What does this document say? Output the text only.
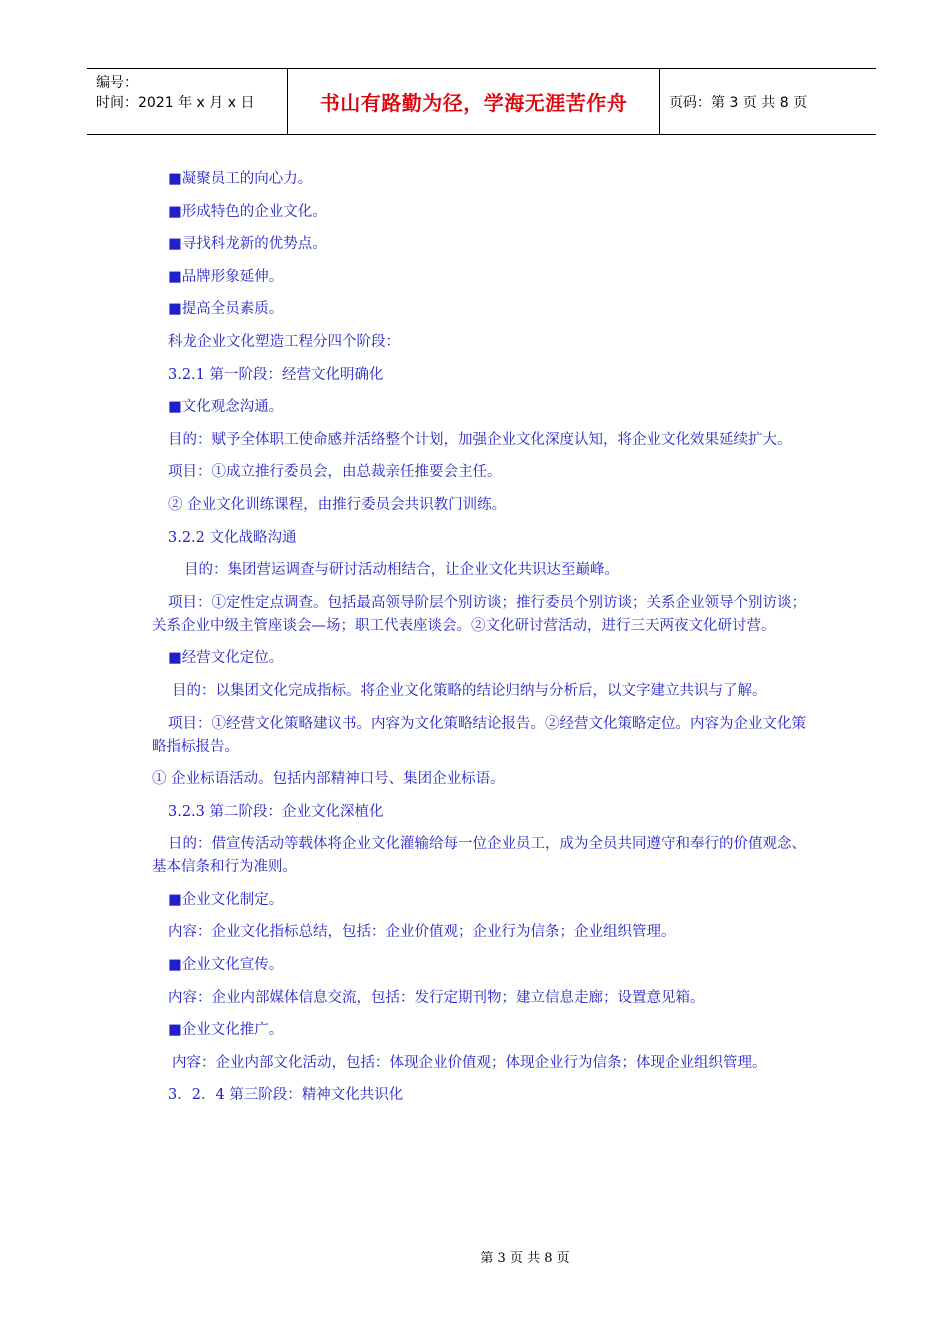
编号：
时间：2021 年 x 月 x 日	书山有路勤为径，学海无涯苦作舟	页码：第 3 页 共 8 页

■凝聚员工的向心力。

■形成特色的企业文化。

■寻找科龙新的优势点。

■品牌形象延伸。

■提高全员素质。

科龙企业文化塑造工程分四个阶段：

3.2.1 第一阶段：经营文化明确化

■文化观念沟通。

目的：赋予全体职工使命感并活络整个计划，加强企业文化深度认知，将企业文化效果延续扩大。

项目：①成立推行委员会，由总裁亲任推要会主任。

② 企业文化训练课程，由推行委员会共识教门训练。

3.2.2 文化战略沟通

目的：集团营运调查与研讨活动相结合，让企业文化共识达至巅峰。

项目：①定性定点调查。包括最高领导阶层个别访谈；推行委员个别访谈；关系企业领导个别访谈；关系企业中级主管座谈会—场；职工代表座谈会。②文化研讨营活动，进行三天两夜文化研讨营。

■经营文化定位。

目的：以集团文化完成指标。将企业文化策略的结论归纳与分析后，以文字建立共识与了解。

项目：①经营文化策略建议书。内容为文化策略结论报告。②经营文化策略定位。内容为企业文化策略指标报告。

① 企业标语活动。包括内部精神口号、集团企业标语。

3.2.3 第二阶段：企业文化深植化

日的：借宣传活动等载体将企业文化灌输给每一位企业员工，成为全员共同遵守和奉行的价值观念、基本信条和行为准则。

■企业文化制定。

内容：企业文化指标总结，包括：企业价值观；企业行为信条；企业组织管理。

■企业文化宣传。

内容：企业内部媒体信息交流，包括：发行定期刊物；建立信息走廊；设置意见箱。

■企业文化推广。

内容：企业内部文化活动，包括：体现企业价值观；体现企业行为信条；体现企业组织管理。

3．2．4 第三阶段：精神文化共识化

第 3 页 共 8 页
